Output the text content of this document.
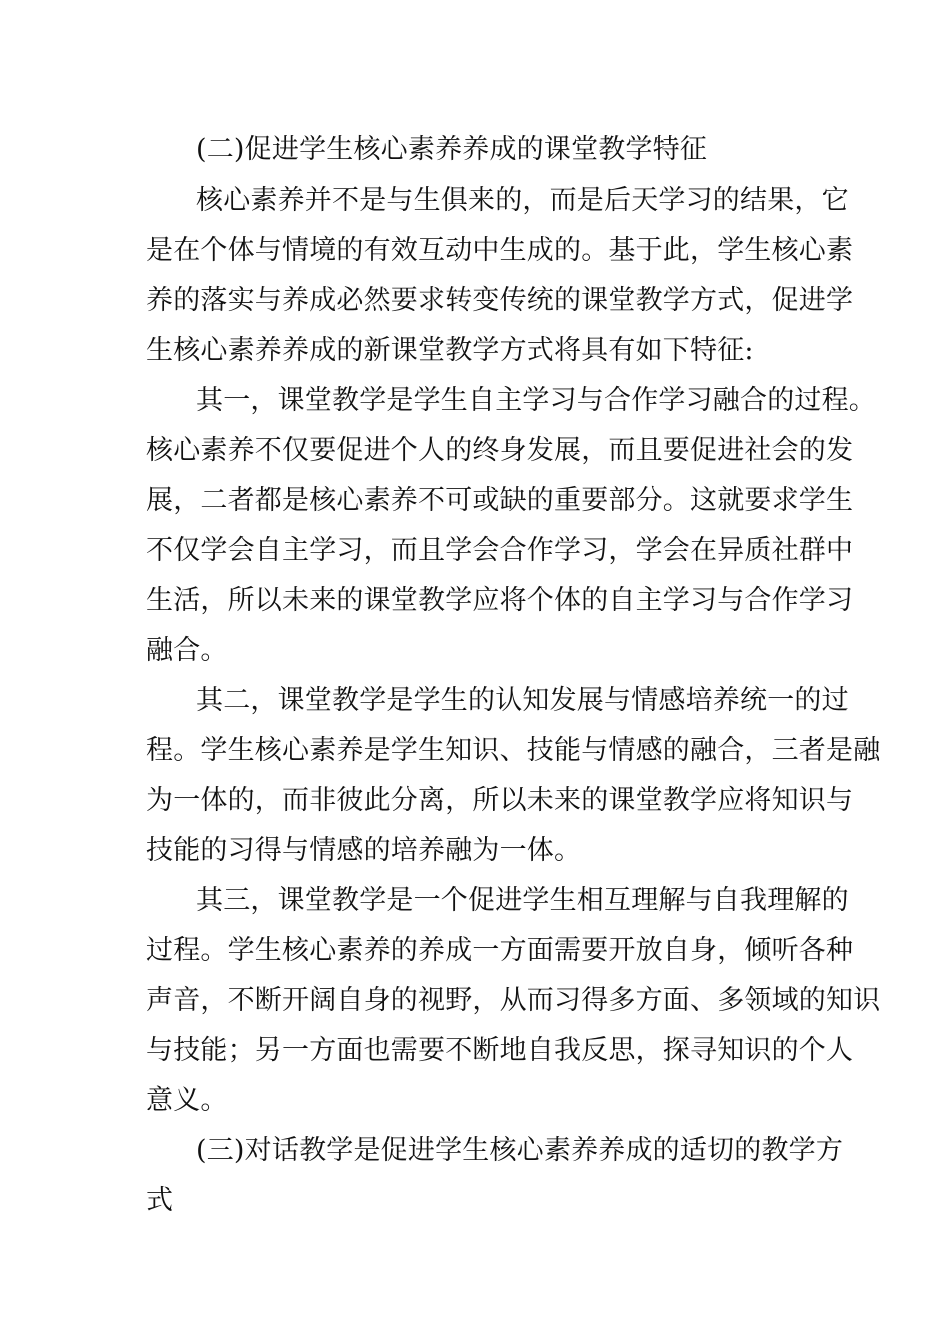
(二)促进学生核心素养养成的课堂教学特征

核心素养并不是与生俱来的，而是后天学习的结果，它

是在个体与情境的有效互动中生成的。基于此，学生核心素

养的落实与养成必然要求转变传统的课堂教学方式，促进学

生核心素养养成的新课堂教学方式将具有如下特征:

其一，课堂教学是学生自主学习与合作学习融合的过程。

核心素养不仅要促进个人的终身发展，而且要促进社会的发

展，二者都是核心素养不可或缺的重要部分。这就要求学生

不仅学会自主学习，而且学会合作学习，学会在异质社群中

生活，所以未来的课堂教学应将个体的自主学习与合作学习

融合。

其二，课堂教学是学生的认知发展与情感培养统一的过

程。学生核心素养是学生知识、技能与情感的融合，三者是融

为一体的，而非彼此分离，所以未来的课堂教学应将知识与

技能的习得与情感的培养融为一体。

其三，课堂教学是一个促进学生相互理解与自我理解的

过程。学生核心素养的养成一方面需要开放自身，倾听各种

声音，不断开阔自身的视野，从而习得多方面、多领域的知识

与技能；另一方面也需要不断地自我反思，探寻知识的个人

意义。

(三)对话教学是促进学生核心素养养成的适切的教学方

式
